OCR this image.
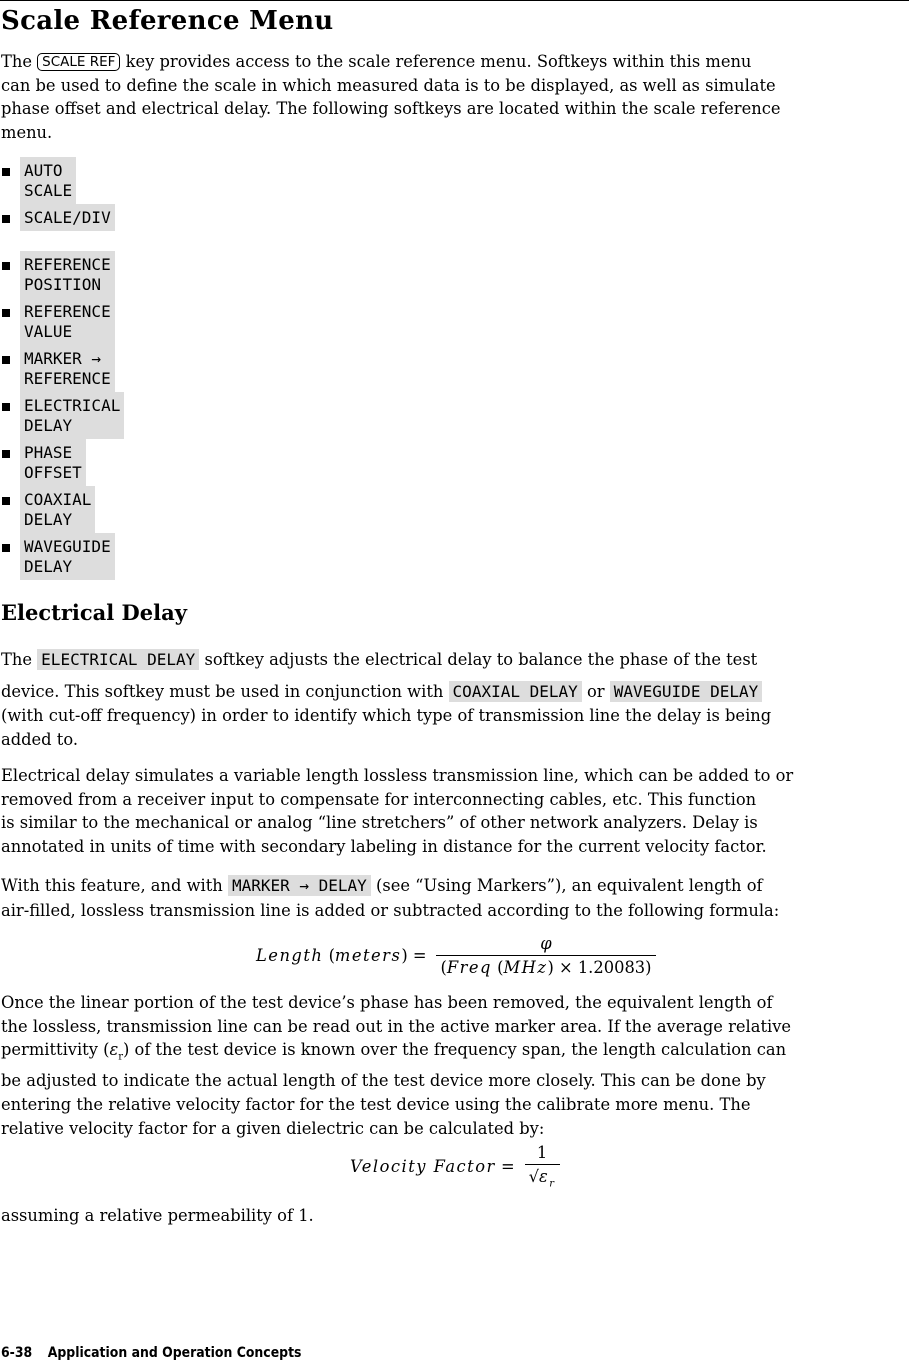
Scale Reference Menu
The SCALE REF key provides access to the scale reference menu. Softkeys within this menu
can be used to define the scale in which measured data is to be displayed, as well as simulate
phase offset and electrical delay. The following softkeys are located within the scale reference
menu.
AUTO SCALE
SCALE/DIV
REFERENCE POSITION
REFERENCE VALUE
MARKER → REFERENCE
ELECTRICAL DELAY
PHASE OFFSET
COAXIAL DELAY
WAVEGUIDE DELAY
Electrical Delay
The ELECTRICAL DELAY softkey adjusts the electrical delay to balance the phase of the test
device. This softkey must be used in conjunction with COAXIAL DELAY or WAVEGUIDE DELAY
(with cut-off frequency) in order to identify which type of transmission line the delay is being
added to.
Electrical delay simulates a variable length lossless transmission line, which can be added to or
removed from a receiver input to compensate for interconnecting cables, etc. This function
is similar to the mechanical or analog “line stretchers” of other network analyzers. Delay is
annotated in units of time with secondary labeling in distance for the current velocity factor.
With this feature, and with MARKER → DELAY (see “Using Markers”), an equivalent length of
air-filled, lossless transmission line is added or subtracted according to the following formula:
Length (meters) = $\frac{\varphi}{\text{(Freq (MHz) × 1.20083)}}$
Once the linear portion of the test device’s phase has been removed, the equivalent length of
the lossless, transmission line can be read out in the active marker area. If the average relative
permittivity $(\varepsilon_r)$ of the test device is known over the frequency span, the length calculation can
be adjusted to indicate the actual length of the test device more closely. This can be done by
entering the relative velocity factor for the test device using the calibrate more menu. The
relative velocity factor for a given dielectric can be calculated by:
Velocity Factor = $\frac{1}{√\varepsilon_r}$
assuming a relative permeability of 1.
6-38 Application and Operation Concepts
